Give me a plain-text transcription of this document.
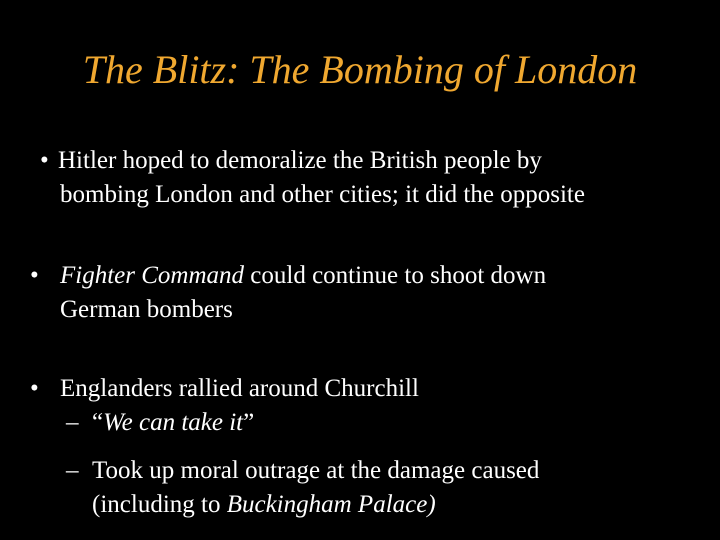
The Blitz: The Bombing of London
• Hitler hoped to demoralize the British people by
bombing London and other cities; it did the opposite
• Fighter Command could continue to shoot down
German bombers
• Englanders rallied around Churchill
– “We can take it”
– Took up moral outrage at the damage caused
(including to Buckingham Palace)
